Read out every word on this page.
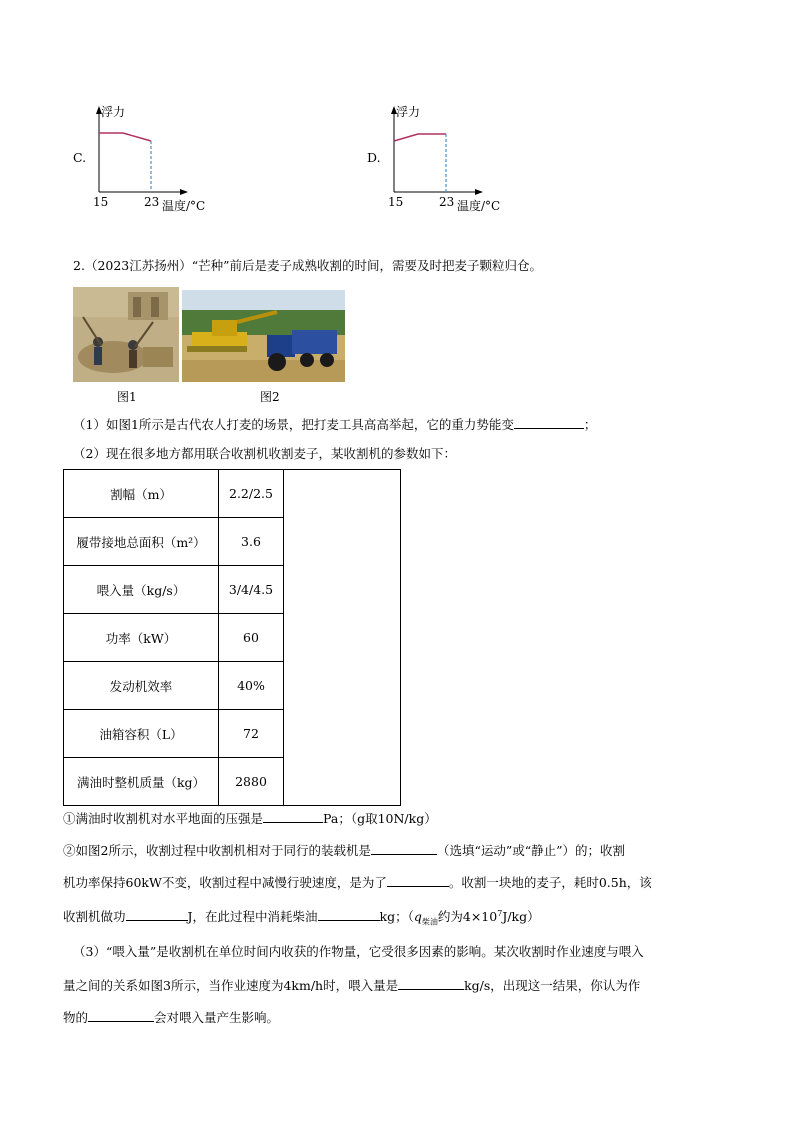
C.
浮力
15	23 温度/°C
D.
浮力
15	23 温度/°C
2.（2023江苏扬州）“芒种”前后是麦子成熟收割的时间，需要及时把麦子颗粒归仓。
图1	图2
（1）如图1所示是古代农人打麦的场景，把打麦工具高高举起，它的重力势能变	；
（2）现在很多地方都用联合收割机收割麦子，某收割机的参数如下：
割幅（m）	2.2/2.5	
履带接地总面积（m²）	3.6	
喂入量（kg/s）	3/4/4.5	
功率（kW）	60	
发动机效率	40%	
油箱容积（L）	72	
满油时整机质量（kg）	2880	
①满油时收割机对水平地面的压强是	Pa；（g取10N/kg）
②如图2所示，收割过程中收割机相对于同行的装载机是	（选填“运动”或“静止”）的；收割
机功率保持60kW不变，收割过程中减慢行驶速度，是为了	。收割一块地的麦子，耗时0.5h，该
收割机做功	J，在此过程中消耗柴油	kg；（$q_{柴油}$约为$4\times 10^7J/kg$）
（3）“喂入量”是收割机在单位时间内收获的作物量，它受很多因素的影响。某次收割时作业速度与喂入
量之间的关系如图3所示，当作业速度为4km/h时，喂入量是	kg/s，出现这一结果，你认为作
物的	会对喂入量产生影响。
